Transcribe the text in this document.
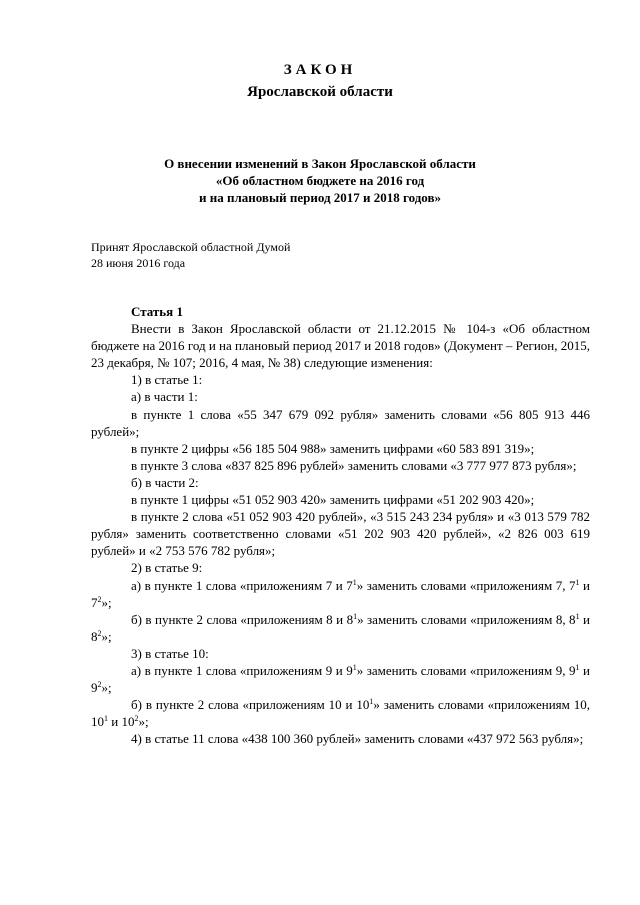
ЗАКОН
Ярославской области
О внесении изменений в Закон Ярославской области
«Об областном бюджете на 2016 год
и на плановый период 2017 и 2018 годов»
Принят Ярославской областной Думой
28 июня 2016 года

Статья 1

Внести в Закон Ярославской области от 21.12.2015 № 104-з «Об областном бюджете на 2016 год и на плановый период 2017 и 2018 годов» (Документ – Регион, 2015, 23 декабря, № 107; 2016, 4 мая, № 38) следующие изменения:

1) в статье 1:

а) в части 1:

в пункте 1 слова «55 347 679 092 рубля» заменить словами «56 805 913 446 рублей»;

в пункте 2 цифры «56 185 504 988» заменить цифрами «60 583 891 319»;

в пункте 3 слова «837 825 896 рублей» заменить словами «3 777 977 873 рубля»;

б) в части 2:

в пункте 1 цифры «51 052 903 420» заменить цифрами «51 202 903 420»;

в пункте 2 слова «51 052 903 420 рублей», «3 515 243 234 рубля» и «3 013 579 782 рубля» заменить соответственно словами «51 202 903 420 рублей», «2 826 003 619 рублей» и «2 753 576 782 рубля»;

2) в статье 9:

а) в пункте 1 слова «приложениям 7 и $7^1$» заменить словами «приложениям 7, $7^1$ и $7^2$»;

б) в пункте 2 слова «приложениям 8 и $8^1$» заменить словами «приложениям 8, $8^1$ и $8^2$»;

3) в статье 10:

а) в пункте 1 слова «приложениям 9 и $9^1$» заменить словами «приложениям 9, $9^1$ и $9^2$»;

б) в пункте 2 слова «приложениям 10 и $10^1$» заменить словами «приложениям 10, $10^1$ и $10^2$»;

4) в статье 11 слова «438 100 360 рублей» заменить словами «437 972 563 рубля»;
